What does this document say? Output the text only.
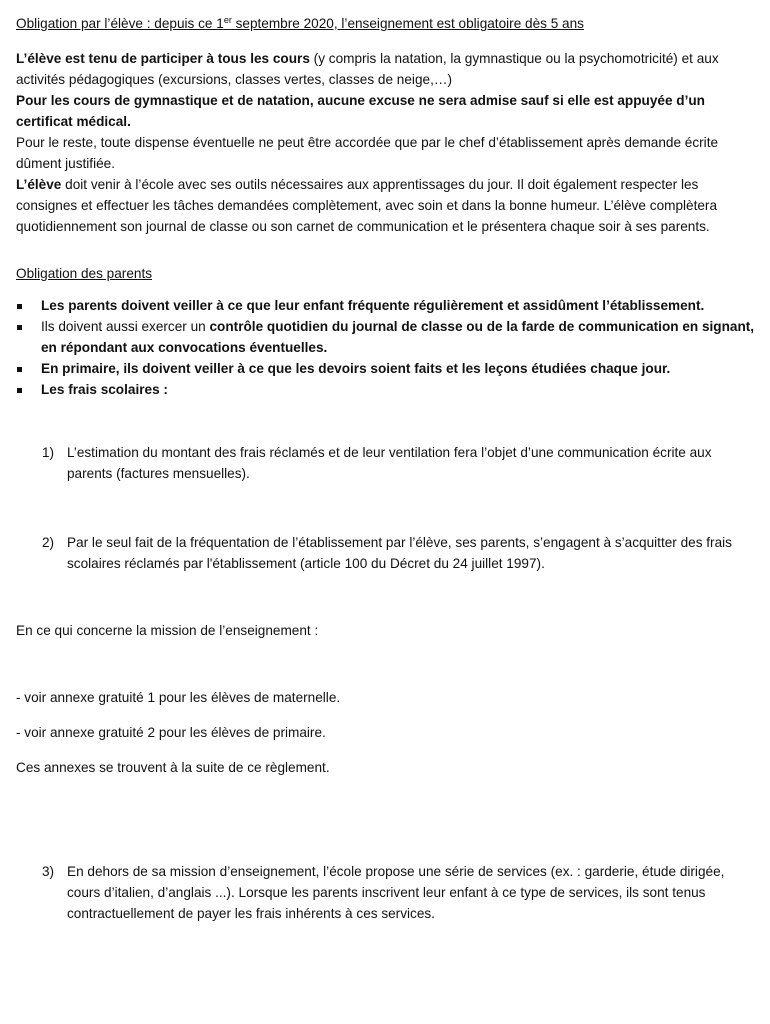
Obligation par l’élève : depuis ce 1er septembre 2020, l’enseignement est obligatoire dès 5 ans

L’élève est tenu de participer à tous les cours (y compris la natation, la gymnastique ou la psychomotricité) et aux activités pédagogiques (excursions, classes vertes, classes de neige,…)

Pour les cours de gymnastique et de natation, aucune excuse ne sera admise sauf si elle est appuyée d’un certificat médical.

Pour le reste, toute dispense éventuelle ne peut être accordée que par le chef d’établissement après demande écrite dûment justifiée.

L’élève doit venir à l’école avec ses outils nécessaires aux apprentissages du jour. Il doit également respecter les consignes et effectuer les tâches demandées complètement, avec soin et dans la bonne humeur. L’élève complètera quotidiennement son journal de classe ou son carnet de communication et le présentera chaque soir à ses parents.

Obligation des parents

Les parents doivent veiller à ce que leur enfant fréquente régulièrement et assidûment l’établissement.
Ils doivent aussi exercer un contrôle quotidien du journal de classe ou de la farde de communication en signant, en répondant aux convocations éventuelles.
En primaire, ils doivent veiller à ce que les devoirs soient faits et les leçons étudiées chaque jour.
Les frais scolaires :

1) L’estimation du montant des frais réclamés et de leur ventilation fera l’objet d’une communication écrite aux parents (factures mensuelles).

2) Par le seul fait de la fréquentation de l’établissement par l’élève, ses parents, s’engagent à s’acquitter des frais scolaires réclamés par l'établissement (article 100 du Décret du 24 juillet 1997).

En ce qui concerne la mission de l’enseignement :

- voir annexe gratuité 1 pour les élèves de maternelle.

- voir annexe gratuité 2 pour les élèves de primaire.

Ces annexes se trouvent à la suite de ce règlement.

3) En dehors de sa mission d’enseignement, l’école propose une série de services (ex. : garderie, étude dirigée, cours d’italien, d’anglais ...). Lorsque les parents inscrivent leur enfant à ce type de services, ils sont tenus contractuellement de payer les frais inhérents à ces services.
